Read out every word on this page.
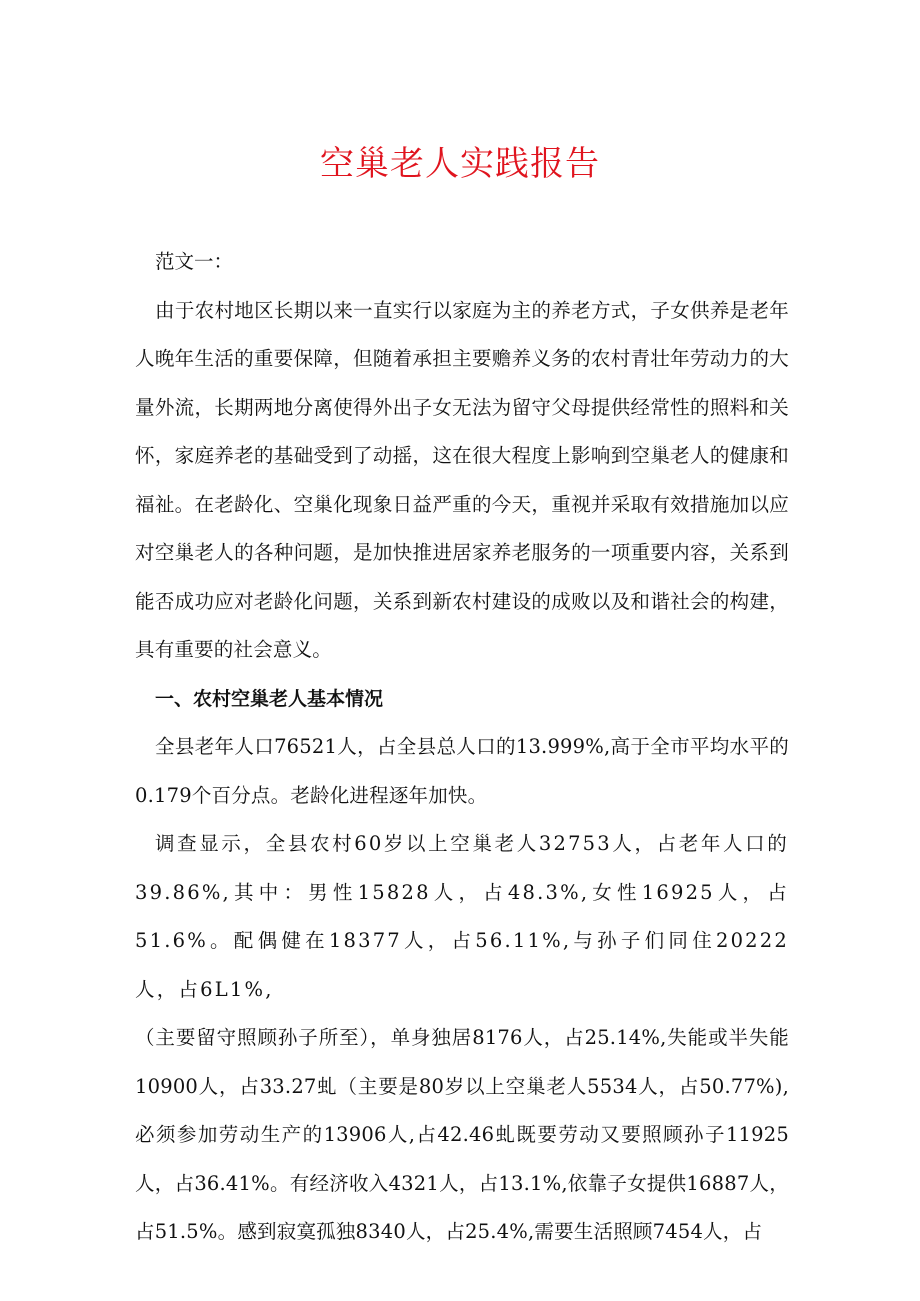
空巢老人实践报告

范文一：

由于农村地区长期以来一直实行以家庭为主的养老方式，子女供养是老年人晚年生活的重要保障，但随着承担主要赡养义务的农村青壮年劳动力的大量外流，长期两地分离使得外出子女无法为留守父母提供经常性的照料和关怀，家庭养老的基础受到了动摇，这在很大程度上影响到空巢老人的健康和福祉。在老龄化、空巢化现象日益严重的今天，重视并采取有效措施加以应对空巢老人的各种问题，是加快推进居家养老服务的一项重要内容，关系到能否成功应对老龄化问题，关系到新农村建设的成败以及和谐社会的构建，具有重要的社会意义。

一、农村空巢老人基本情况

全县老年人口76521人，占全县总人口的13.999%,高于全市平均水平的0.179个百分点。老龄化进程逐年加快。

调查显示，全县农村60岁以上空巢老人32753人，占老年人口的39.86%,其中：男性15828人，占48.3%,女性16925人，占51.6%。配偶健在18377人，占56.11%,与孙子们同住20222人，占6L1%,

（主要留守照顾孙子所至），单身独居8176人，占25.14%,失能或半失能10900人，占33.27虬（主要是80岁以上空巢老人5534人，占50.77%),必须参加劳动生产的13906人,占42.46虬既要劳动又要照顾孙子11925人，占36.41%。有经济收入4321人，占13.1%,依靠子女提供16887人，占51.5%。感到寂寞孤独8340人，占25.4%,需要生活照顾7454人，占
